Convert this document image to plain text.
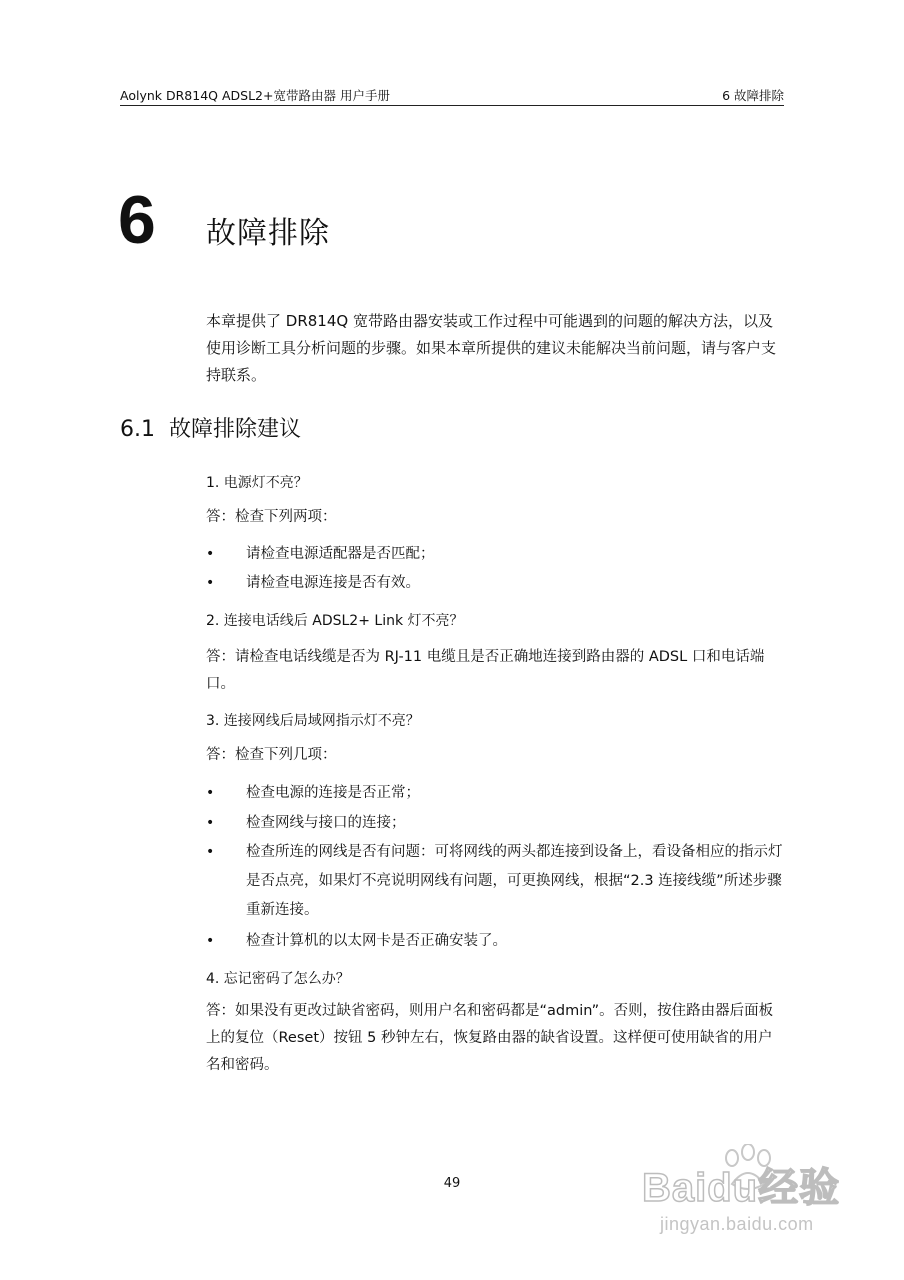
Aolynk DR814Q ADSL2+宽带路由器 用户手册	6 故障排除
6 故障排除

本章提供了 DR814Q 宽带路由器安装或工作过程中可能遇到的问题的解决方法，以及使用诊断工具分析问题的步骤。如果本章所提供的建议未能解决当前问题，请与客户支持联系。

6.1 故障排除建议
1. 电源灯不亮？

答：检查下列两项：

•	请检查电源适配器是否匹配；
•	请检查电源连接是否有效。
2. 连接电话线后 ADSL2+ Link 灯不亮？

答：请检查电话线缆是否为 RJ-11 电缆且是否正确地连接到路由器的 ADSL 口和电话端口。

3. 连接网线后局域网指示灯不亮？

答：检查下列几项：

•	检查电源的连接是否正常；
•	检查网线与接口的连接；
•	检查所连的网线是否有问题：可将网线的两头都连接到设备上，看设备相应的指示灯是否点亮，如果灯不亮说明网线有问题，可更换网线，根据“2.3 连接线缆”所述步骤重新连接。
•	检查计算机的以太网卡是否正确安装了。
4. 忘记密码了怎么办？

答：如果没有更改过缺省密码，则用户名和密码都是“admin”。否则，按住路由器后面板上的复位（Reset）按钮 5 秒钟左右，恢复路由器的缺省设置。这样便可使用缺省的用户名和密码。

49	Baidu经验
jingyan.baidu.com
